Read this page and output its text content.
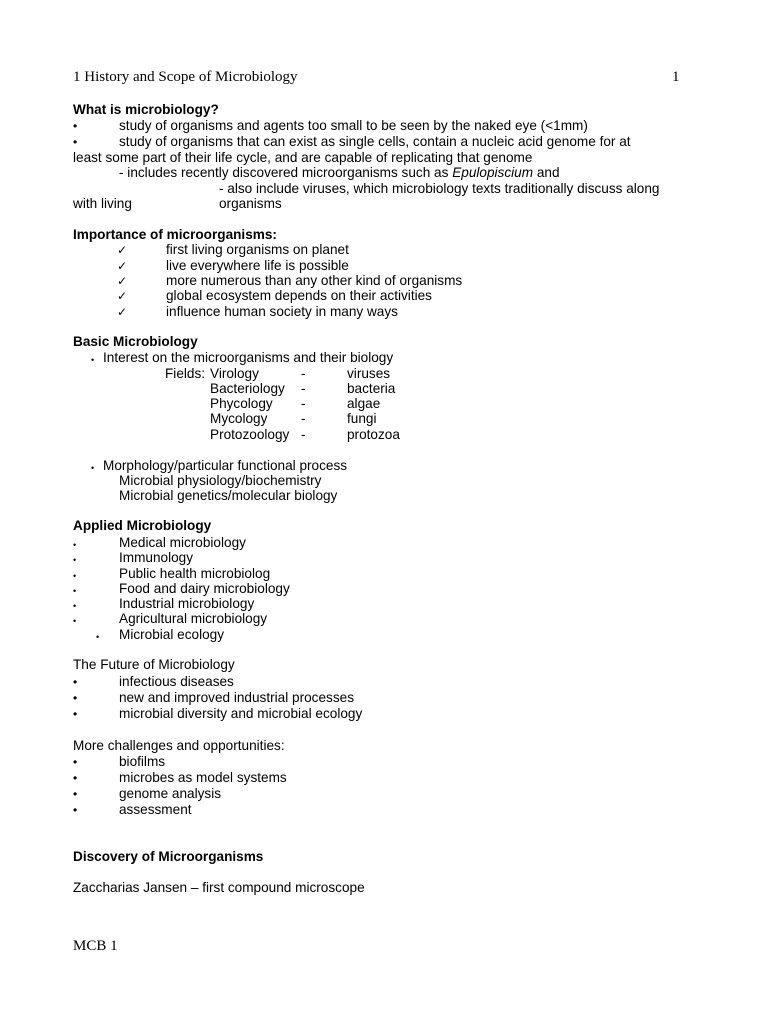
1 History and Scope of Microbiology	1
What is microbiology?
•	study of organisms and agents too small to be seen by the naked eye (<1mm)
•	study of organisms that can exist as single cells, contain a nucleic acid genome for at
least some part of their life cycle, and are capable of replicating that genome
- includes recently discovered microorganisms such as Epulopiscium and
- also include viruses, which microbiology texts traditionally discuss along
with living	organisms
Importance of microorganisms:
✓	first living organisms on planet
✓	live everywhere life is possible
✓	more numerous than any other kind of organisms
✓	global ecosystem depends on their activities
✓	influence human society in many ways
Basic Microbiology
• Interest on the microorganisms and their biology
Fields: Virology	-	viruses
Bacteriology -	bacteria
Phycology -	algae
Mycology -	fungi
Protozoology -	protozoa
• Morphology/particular functional process
Microbial physiology/biochemistry
Microbial genetics/molecular biology
Applied Microbiology
•	Medical microbiology
•	Immunology
•	Public health microbiolog
•	Food and dairy microbiology
•	Industrial microbiology
•	Agricultural microbiology
• Microbial ecology
The Future of Microbiology
•	infectious diseases
•	new and improved industrial processes
•	microbial diversity and microbial ecology
More challenges and opportunities:
•	biofilms
•	microbes as model systems
•	genome analysis
•	assessment
Discovery of Microorganisms
Zaccharias Jansen – first compound microscope
MCB 1
